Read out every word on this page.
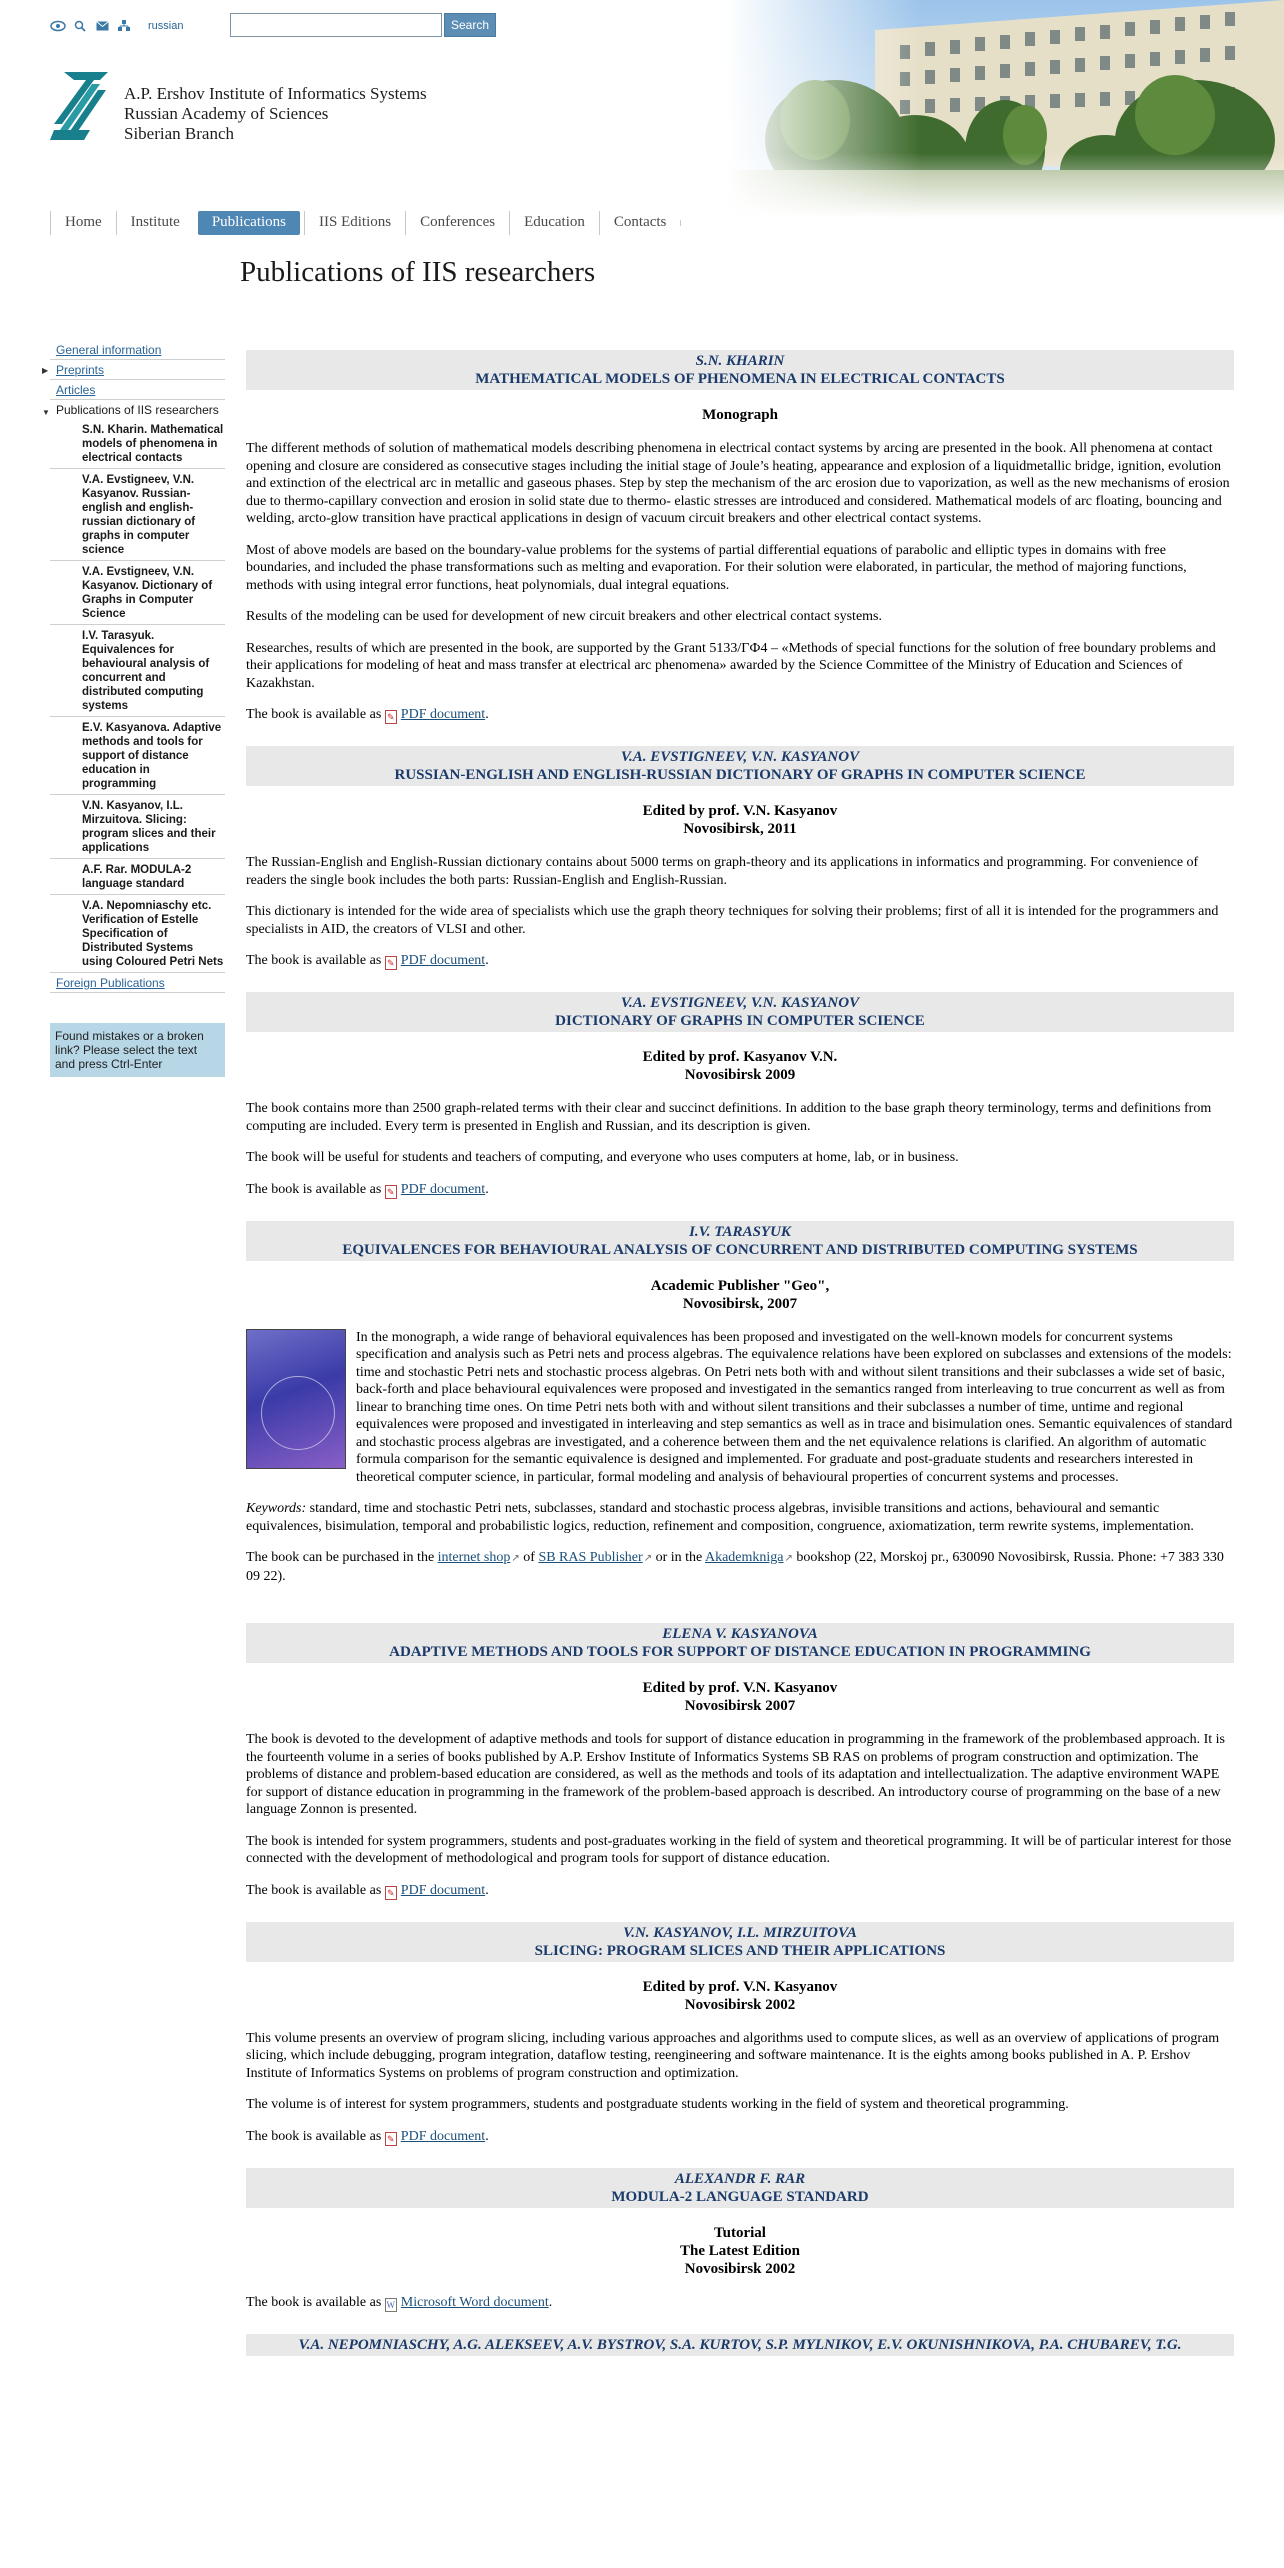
russian	Search
A.P. Ershov Institute of Informatics Systems
Russian Academy of Sciences
Siberian Branch
Home	Institute	Publications	IIS Editions	Conferences	Education	Contacts
Publications of IIS researchers
General information
▶ Preprints
Articles
▼ Publications of IIS researchers
S.N. Kharin. Mathematical models of phenomena in electrical contacts
V.A. Evstigneev, V.N. Kasyanov. Russian-english and english-russian dictionary of graphs in computer science
V.A. Evstigneev, V.N. Kasyanov. Dictionary of Graphs in Computer Science
I.V. Tarasyuk. Equivalences for behavioural analysis of concurrent and distributed computing systems
E.V. Kasyanova. Adaptive methods and tools for support of distance education in programming
V.N. Kasyanov, I.L. Mirzuitova. Slicing: program slices and their applications
A.F. Rar. MODULA-2 language standard
V.A. Nepomniaschy etc. Verification of Estelle Specification of Distributed Systems using Coloured Petri Nets
Foreign Publications
Found mistakes or a broken link? Please select the text and press Ctrl-Enter
S.N. KHARIN
MATHEMATICAL MODELS OF PHENOMENA IN ELECTRICAL CONTACTS
Monograph

The different methods of solution of mathematical models describing phenomena in electrical contact systems by arcing are presented in the book. All phenomena at contact opening and closure are considered as consecutive stages including the initial stage of Joule’s heating, appearance and explosion of a liquidmetallic bridge, ignition, evolution and extinction of the electrical arc in metallic and gaseous phases. Step by step the mechanism of the arc erosion due to vaporization, as well as the new mechanisms of erosion due to thermo-capillary convection and erosion in solid state due to thermo- elastic stresses are introduced and considered. Mathematical models of arc floating, bouncing and welding, arcto-glow transition have practical applications in design of vacuum circuit breakers and other electrical contact systems.

Most of above models are based on the boundary-value problems for the systems of partial differential equations of parabolic and elliptic types in domains with free boundaries, and included the phase transformations such as melting and evaporation. For their solution were elaborated, in particular, the method of majoring functions, methods with using integral error functions, heat polynomials, dual integral equations.

Results of the modeling can be used for development of new circuit breakers and other electrical contact systems.

Researches, results of which are presented in the book, are supported by the Grant 5133/ГФ4 – «Methods of special functions for the solution of free boundary problems and their applications for modeling of heat and mass transfer at electrical arc phenomena» awarded by the Science Committee of the Ministry of Education and Sciences of Kazakhstan.

The book is available as ✎ PDF document.

V.A. EVSTIGNEEV, V.N. KASYANOV
RUSSIAN-ENGLISH AND ENGLISH-RUSSIAN DICTIONARY OF GRAPHS IN COMPUTER SCIENCE
Edited by prof. V.N. Kasyanov
Novosibirsk, 2011

The Russian-English and English-Russian dictionary contains about 5000 terms on graph-theory and its applications in informatics and programming. For convenience of readers the single book includes the both parts: Russian-English and English-Russian.

This dictionary is intended for the wide area of specialists which use the graph theory techniques for solving their problems; first of all it is intended for the programmers and specialists in AID, the creators of VLSI and other.

The book is available as ✎ PDF document.

V.A. EVSTIGNEEV, V.N. KASYANOV
DICTIONARY OF GRAPHS IN COMPUTER SCIENCE
Edited by prof. Kasyanov V.N.
Novosibirsk 2009

The book contains more than 2500 graph-related terms with their clear and succinct definitions. In addition to the base graph theory terminology, terms and definitions from computing are included. Every term is presented in English and Russian, and its description is given.

The book will be useful for students and teachers of computing, and everyone who uses computers at home, lab, or in business.

The book is available as ✎ PDF document.

I.V. TARASYUK
EQUIVALENCES FOR BEHAVIOURAL ANALYSIS OF CONCURRENT AND DISTRIBUTED COMPUTING SYSTEMS
Academic Publisher "Geo",
Novosibirsk, 2007

In the monograph, a wide range of behavioral equivalences has been proposed and investigated on the well-known models for concurrent systems specification and analysis such as Petri nets and process algebras. The equivalence relations have been explored on subclasses and extensions of the models: time and stochastic Petri nets and stochastic process algebras. On Petri nets both with and without silent transitions and their subclasses a wide set of basic, back-forth and place behavioural equivalences were proposed and investigated in the semantics ranged from interleaving to true concurrent as well as from linear to branching time ones. On time Petri nets both with and without silent transitions and their subclasses a number of time, untime and regional equivalences were proposed and investigated in interleaving and step semantics as well as in trace and bisimulation ones. Semantic equivalences of standard and stochastic process algebras are investigated, and a coherence between them and the net equivalence relations is clarified. An algorithm of automatic formula comparison for the semantic equivalence is designed and implemented. For graduate and post-graduate students and researchers interested in theoretical computer science, in particular, formal modeling and analysis of behavioural properties of concurrent systems and processes.

Keywords: standard, time and stochastic Petri nets, subclasses, standard and stochastic process algebras, invisible transitions and actions, behavioural and semantic equivalences, bisimulation, temporal and probabilistic logics, reduction, refinement and composition, congruence, axiomatization, term rewrite systems, implementation.

The book can be purchased in the internet shop↗ of SB RAS Publisher↗ or in the Akademkniga↗ bookshop (22, Morskoj pr., 630090 Novosibirsk, Russia. Phone: +7 383 330 09 22).

ELENA V. KASYANOVA
ADAPTIVE METHODS AND TOOLS FOR SUPPORT OF DISTANCE EDUCATION IN PROGRAMMING
Edited by prof. V.N. Kasyanov
Novosibirsk 2007

The book is devoted to the development of adaptive methods and tools for support of distance education in programming in the framework of the problembased approach. It is the fourteenth volume in a series of books published by A.P. Ershov Institute of Informatics Systems SB RAS on problems of program construction and optimization. The problems of distance and problem-based education are considered, as well as the methods and tools of its adaptation and intellectualization. The adaptive environment WAPE for support of distance education in programming in the framework of the problem-based approach is described. An introductory course of programming on the base of a new language Zonnon is presented.

The book is intended for system programmers, students and post-graduates working in the field of system and theoretical programming. It will be of particular interest for those connected with the development of methodological and program tools for support of distance education.

The book is available as ✎ PDF document.

V.N. KASYANOV, I.L. MIRZUITOVA
SLICING: PROGRAM SLICES AND THEIR APPLICATIONS
Edited by prof. V.N. Kasyanov
Novosibirsk 2002

This volume presents an overview of program slicing, including various approaches and algorithms used to compute slices, as well as an overview of applications of program slicing, which include debugging, program integration, dataflow testing, reengineering and software maintenance. It is the eights among books published in A. P. Ershov Institute of Informatics Systems on problems of program construction and optimization.

The volume is of interest for system programmers, students and postgraduate students working in the field of system and theoretical programming.

The book is available as ✎ PDF document.

ALEXANDR F. RAR
MODULA-2 LANGUAGE STANDARD
Tutorial
The Latest Edition
Novosibirsk 2002

The book is available as W Microsoft Word document.

V.A. NEPOMNIASCHY, A.G. ALEKSEEV, A.V. BYSTROV, S.A. KURTOV, S.P. MYLNIKOV, E.V. OKUNISHNIKOVA, P.A. CHUBAREV, T.G.
